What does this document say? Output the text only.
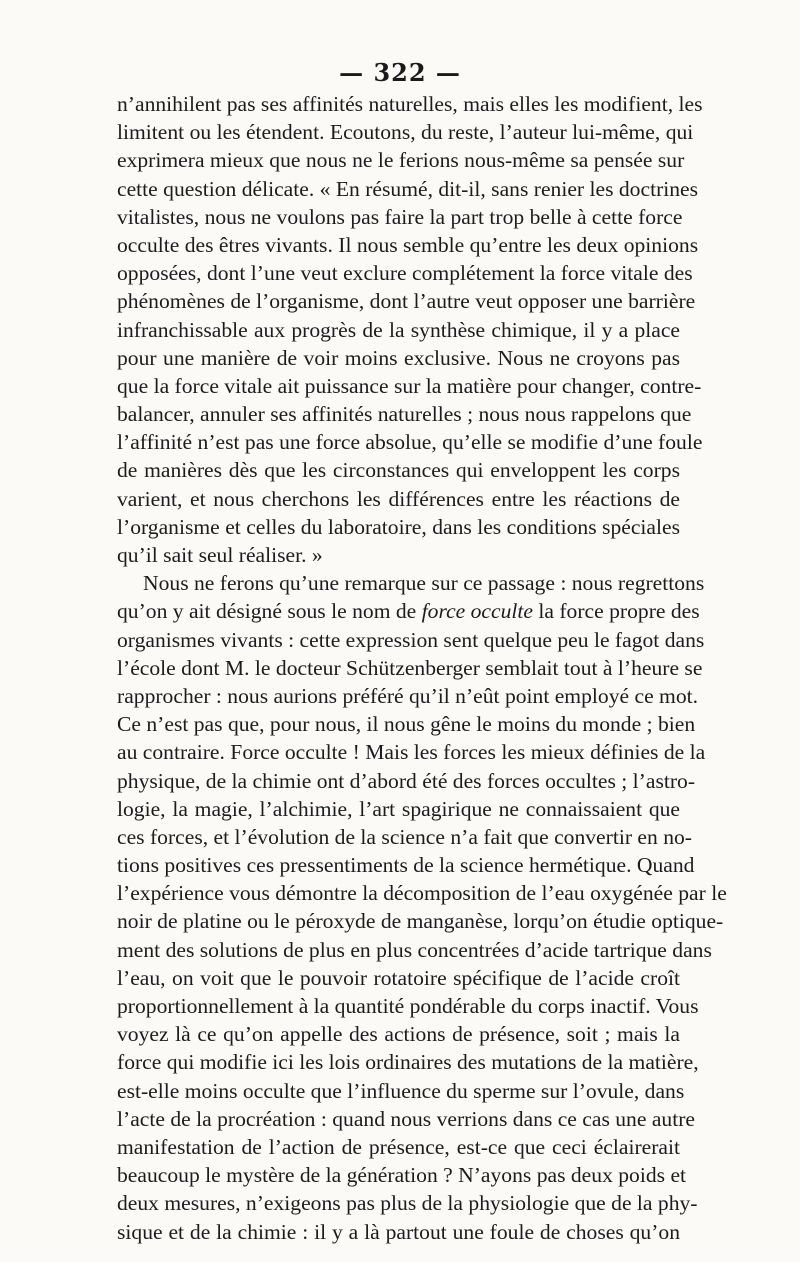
— 322 —
n’annihilent pas ses affinités naturelles, mais elles les modifient, les
limitent ou les étendent. Ecoutons, du reste, l’auteur lui-même, qui
exprimera mieux que nous ne le ferions nous-même sa pensée sur
cette question délicate. « En résumé, dit-il, sans renier les doctrines
vitalistes, nous ne voulons pas faire la part trop belle à cette force
occulte des êtres vivants. Il nous semble qu’entre les deux opinions
opposées, dont l’une veut exclure complétement la force vitale des
phénomènes de l’organisme, dont l’autre veut opposer une barrière
infranchissable aux progrès de la synthèse chimique, il y a place
pour une manière de voir moins exclusive. Nous ne croyons pas
que la force vitale ait puissance sur la matière pour changer, contre-
balancer, annuler ses affinités naturelles ; nous nous rappelons que
l’affinité n’est pas une force absolue, qu’elle se modifie d’une foule
de manières dès que les circonstances qui enveloppent les corps
varient, et nous cherchons les différences entre les réactions de
l’organisme et celles du laboratoire, dans les conditions spéciales
qu’il sait seul réaliser. »
Nous ne ferons qu’une remarque sur ce passage : nous regrettons
qu’on y ait désigné sous le nom de force occulte la force propre des
organismes vivants : cette expression sent quelque peu le fagot dans
l’école dont M. le docteur Schützenberger semblait tout à l’heure se
rapprocher : nous aurions préféré qu’il n’eût point employé ce mot.
Ce n’est pas que, pour nous, il nous gêne le moins du monde ; bien
au contraire. Force occulte ! Mais les forces les mieux définies de la
physique, de la chimie ont d’abord été des forces occultes ; l’astro-
logie, la magie, l’alchimie, l’art spagirique ne connaissaient que
ces forces, et l’évolution de la science n’a fait que convertir en no-
tions positives ces pressentiments de la science hermétique. Quand
l’expérience vous démontre la décomposition de l’eau oxygénée par le
noir de platine ou le péroxyde de manganèse, lorqu’on étudie optique-
ment des solutions de plus en plus concentrées d’acide tartrique dans
l’eau, on voit que le pouvoir rotatoire spécifique de l’acide croît
proportionnellement à la quantité pondérable du corps inactif. Vous
voyez là ce qu’on appelle des actions de présence, soit ; mais la
force qui modifie ici les lois ordinaires des mutations de la matière,
est-elle moins occulte que l’influence du sperme sur l’ovule, dans
l’acte de la procréation : quand nous verrions dans ce cas une autre
manifestation de l’action de présence, est-ce que ceci éclairerait
beaucoup le mystère de la génération ? N’ayons pas deux poids et
deux mesures, n’exigeons pas plus de la physiologie que de la phy-
sique et de la chimie : il y a là partout une foule de choses qu’on
